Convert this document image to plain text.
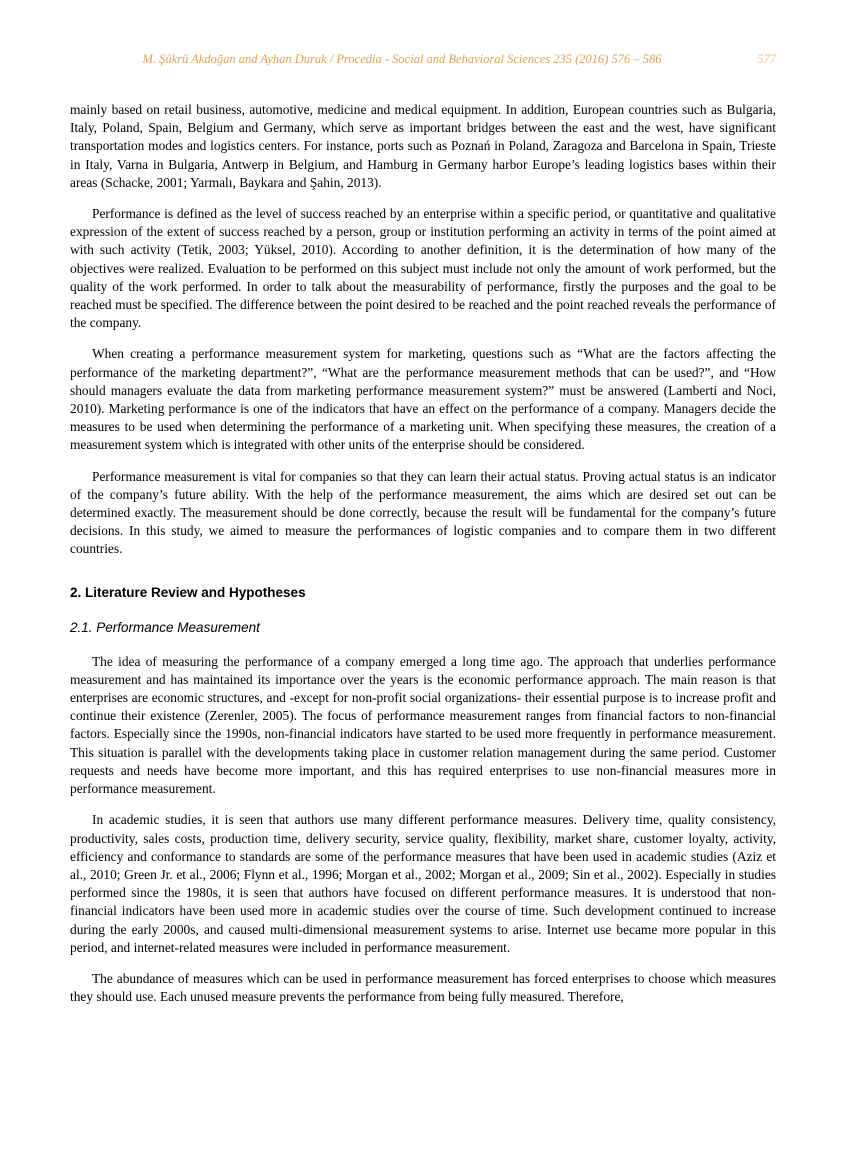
M. Şükrü Akdoğan and Ayhan Durak / Procedia - Social and Behavioral Sciences 235 (2016) 576 – 586	577

mainly based on retail business, automotive, medicine and medical equipment. In addition, European countries such as Bulgaria, Italy, Poland, Spain, Belgium and Germany, which serve as important bridges between the east and the west, have significant transportation modes and logistics centers. For instance, ports such as Poznań in Poland, Zaragoza and Barcelona in Spain, Trieste in Italy, Varna in Bulgaria, Antwerp in Belgium, and Hamburg in Germany harbor Europe’s leading logistics bases within their areas (Schacke, 2001; Yarmalı, Baykara and Şahin, 2013).

Performance is defined as the level of success reached by an enterprise within a specific period, or quantitative and qualitative expression of the extent of success reached by a person, group or institution performing an activity in terms of the point aimed at with such activity (Tetik, 2003; Yüksel, 2010). According to another definition, it is the determination of how many of the objectives were realized. Evaluation to be performed on this subject must include not only the amount of work performed, but the quality of the work performed. In order to talk about the measurability of performance, firstly the purposes and the goal to be reached must be specified. The difference between the point desired to be reached and the point reached reveals the performance of the company.

When creating a performance measurement system for marketing, questions such as “What are the factors affecting the performance of the marketing department?”, “What are the performance measurement methods that can be used?”, and “How should managers evaluate the data from marketing performance measurement system?” must be answered (Lamberti and Noci, 2010). Marketing performance is one of the indicators that have an effect on the performance of a company. Managers decide the measures to be used when determining the performance of a marketing unit. When specifying these measures, the creation of a measurement system which is integrated with other units of the enterprise should be considered.

Performance measurement is vital for companies so that they can learn their actual status. Proving actual status is an indicator of the company’s future ability. With the help of the performance measurement, the aims which are desired set out can be determined exactly. The measurement should be done correctly, because the result will be fundamental for the company’s future decisions. In this study, we aimed to measure the performances of logistic companies and to compare them in two different countries.

2. Literature Review and Hypotheses
2.1. Performance Measurement

The idea of measuring the performance of a company emerged a long time ago. The approach that underlies performance measurement and has maintained its importance over the years is the economic performance approach. The main reason is that enterprises are economic structures, and -except for non-profit social organizations- their essential purpose is to increase profit and continue their existence (Zerenler, 2005). The focus of performance measurement ranges from financial factors to non-financial factors. Especially since the 1990s, non-financial indicators have started to be used more frequently in performance measurement. This situation is parallel with the developments taking place in customer relation management during the same period. Customer requests and needs have become more important, and this has required enterprises to use non-financial measures more in performance measurement.

In academic studies, it is seen that authors use many different performance measures. Delivery time, quality consistency, productivity, sales costs, production time, delivery security, service quality, flexibility, market share, customer loyalty, activity, efficiency and conformance to standards are some of the performance measures that have been used in academic studies (Aziz et al., 2010; Green Jr. et al., 2006; Flynn et al., 1996; Morgan et al., 2002; Morgan et al., 2009; Sin et al., 2002). Especially in studies performed since the 1980s, it is seen that authors have focused on different performance measures. It is understood that non-financial indicators have been used more in academic studies over the course of time. Such development continued to increase during the early 2000s, and caused multi-dimensional measurement systems to arise. Internet use became more popular in this period, and internet-related measures were included in performance measurement.

The abundance of measures which can be used in performance measurement has forced enterprises to choose which measures they should use. Each unused measure prevents the performance from being fully measured. Therefore,
